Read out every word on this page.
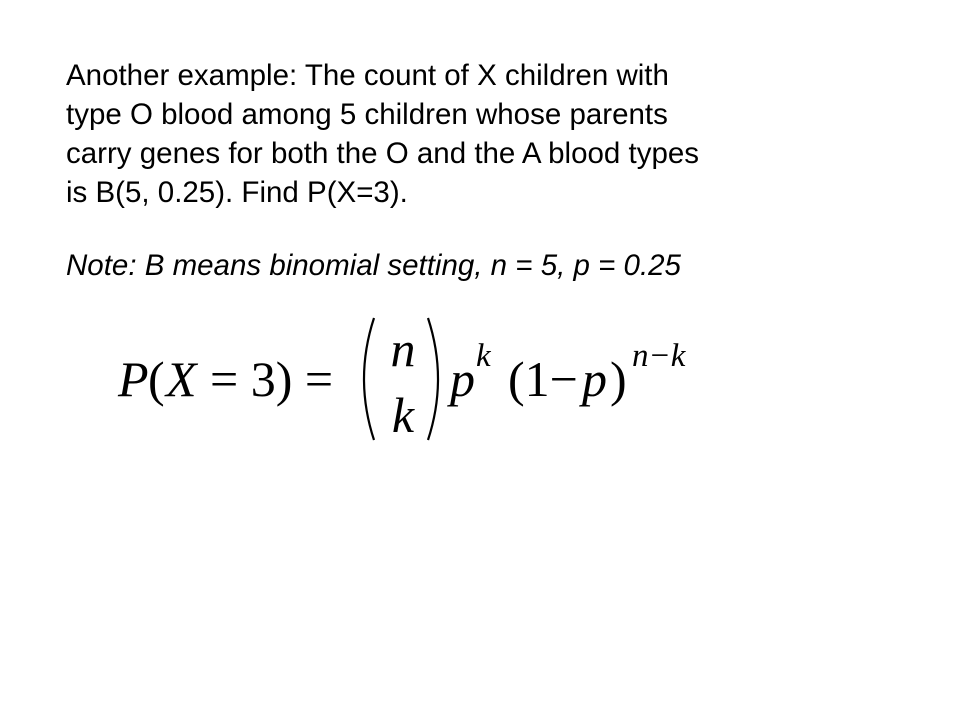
Another example: The count of X children with
type O blood among 5 children whose parents
carry genes for both the O and the A blood types
is B(5, 0.25). Find P(X=3).
Note: B means binomial setting, n = 5, p = 0.25
P ( X = 3) =
n
k
p k (1− p ) n−k
